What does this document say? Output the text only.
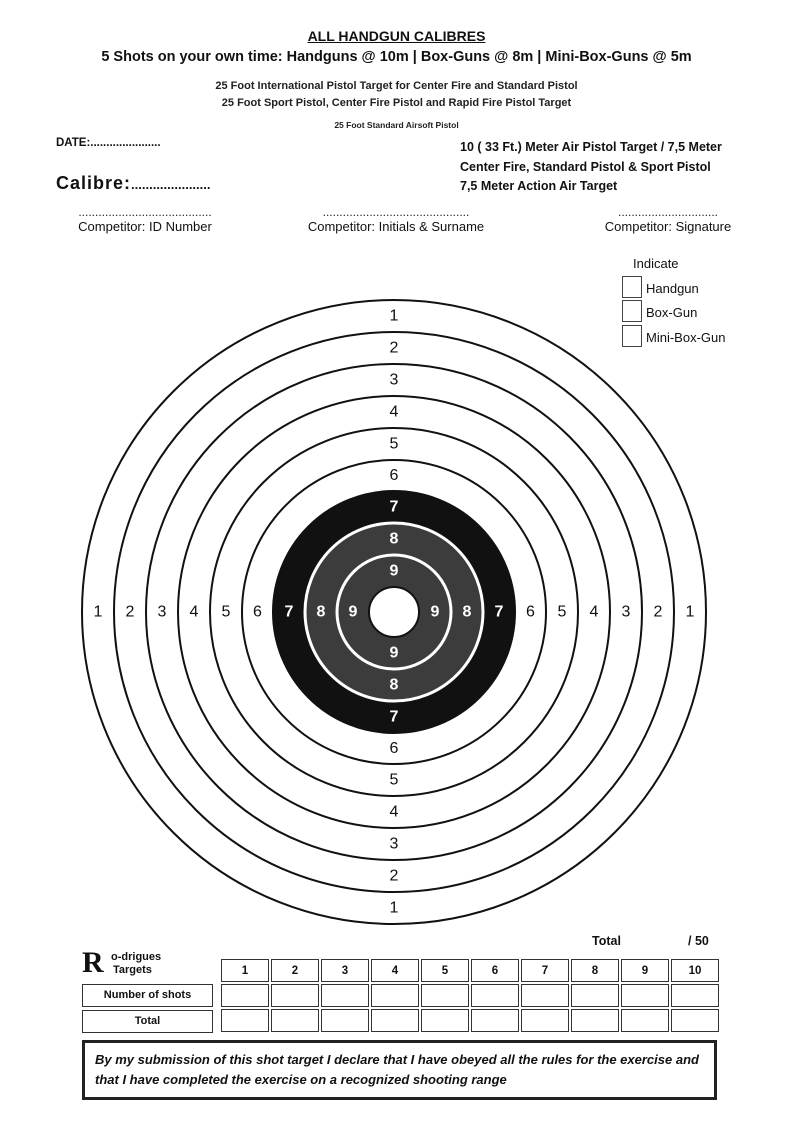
1
1
1	1
2
2
2	2
3
3
3	3
4
4
4	4
5
5
5	5
6
6
6	6
7
7
7	7
8
8
8	8
9
9
9	9
ALL HANDGUN CALIBRES
5 Shots on your own time: Handguns @ 10m | Box-Guns @ 8m | Mini-Box-Guns @ 5m
25 Foot International Pistol Target for Center Fire and Standard Pistol
25 Foot Sport Pistol, Center Fire Pistol and Rapid Fire Pistol Target
25 Foot Standard Airsoft Pistol
DATE:......................
Calibre:......................
10 ( 33 Ft.) Meter Air Pistol Target / 7,5 Meter
Center Fire, Standard Pistol & Sport Pistol
7,5 Meter Action Air Target
........................................
Competitor: ID Number
............................................
Competitor: Initials & Surname
..............................
Competitor: Signature
Indicate
Handgun
Box-Gun
Mini-Box-Gun
Total	/ 50
R o-drigues
Targets	1	2	3	4	5	6	7	8	9	10

Number of shots
Total
By my submission of this shot target I declare that I have obeyed all the rules for the exercise and that I have completed the exercise on a recognized shooting range
